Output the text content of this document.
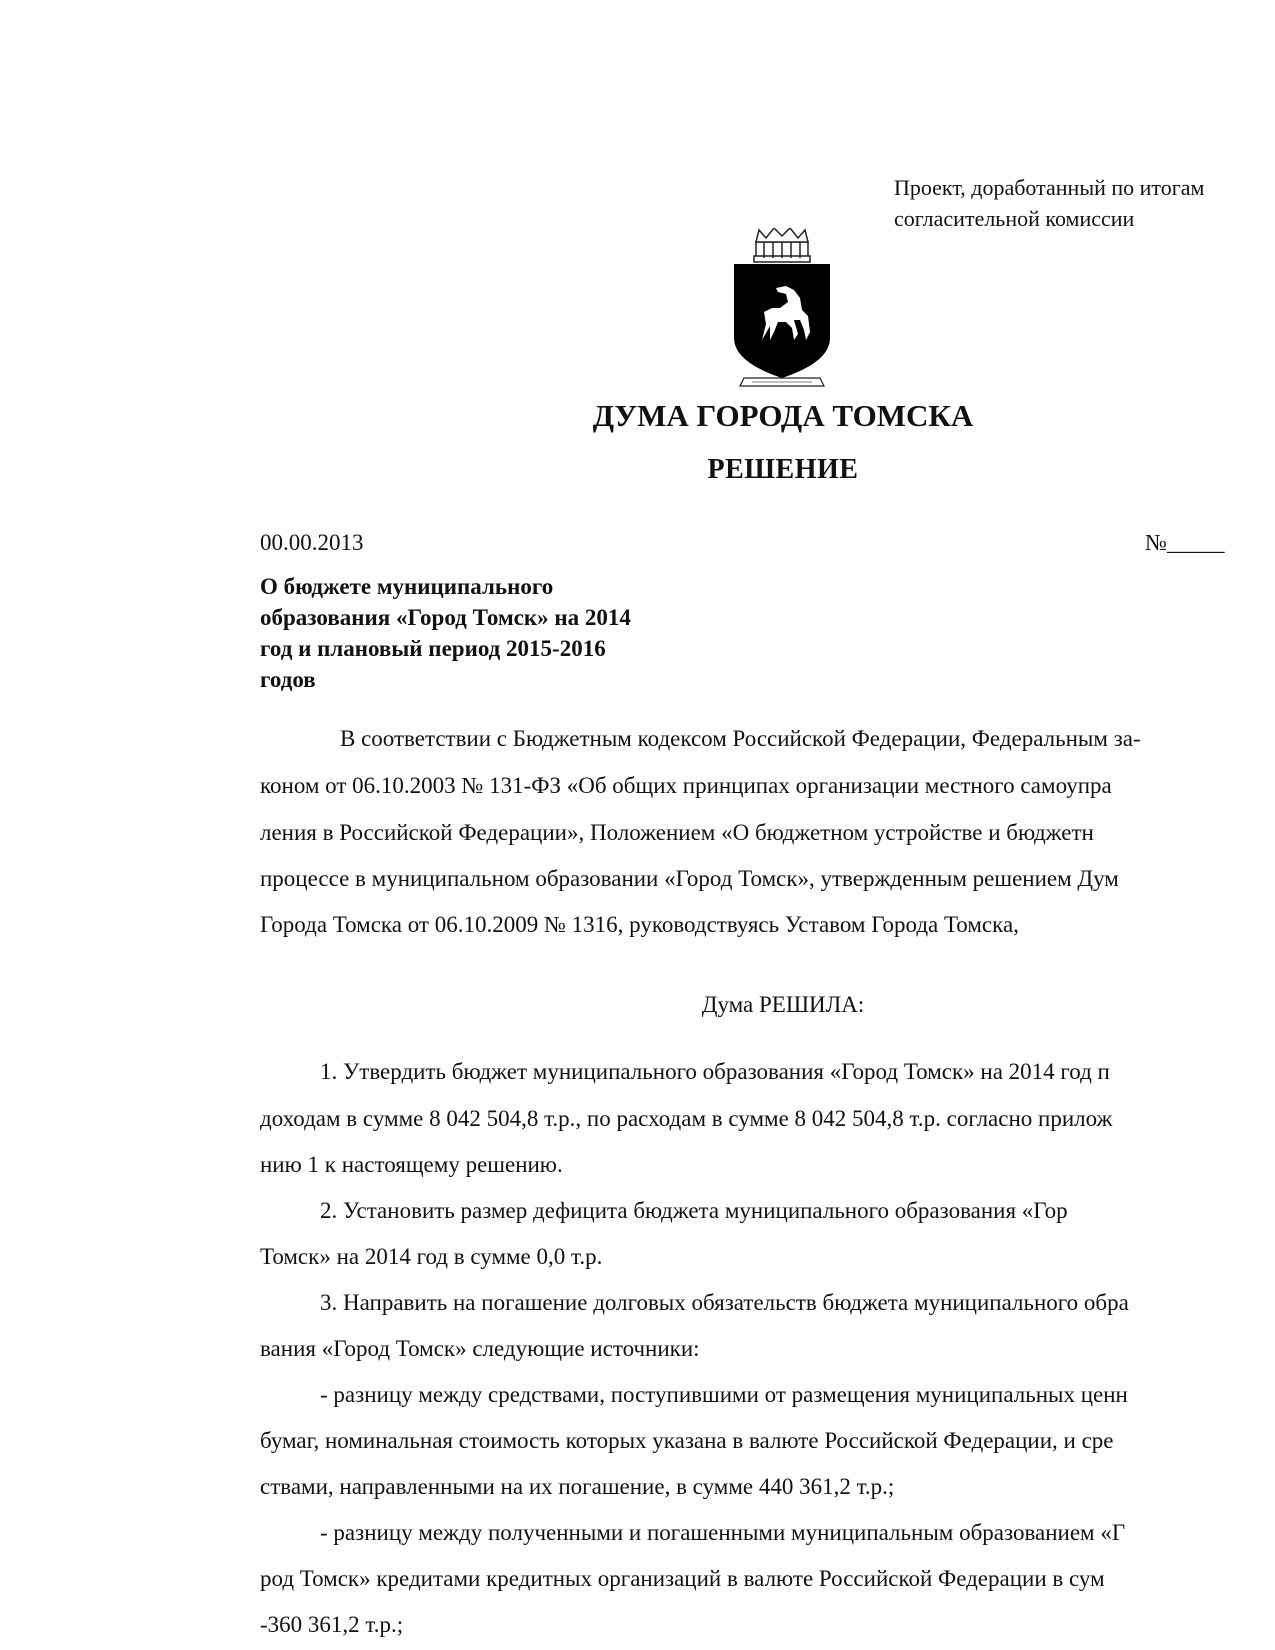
Проект, доработанный по итогам
согласительной комиссии
ДУМА ГОРОДА ТОМСКА
РЕШЕНИЕ
00.00.2013	№_____
О бюджете муниципального
образования «Город Томск» на 2014
год и плановый период 2015-2016
годов
В соответствии с Бюджетным кодексом Российской Федерации, Федеральным за-
коном от 06.10.2003 № 131-ФЗ «Об общих принципах организации местного самоупрa
ления в Российской Федерации», Положением «О бюджетном устройстве и бюджетн
процессе в муниципальном образовании «Город Томск», утвержденным решением Дум
Города Томска от 06.10.2009 № 1316, руководствуясь Уставом Города Томска,
Дума РЕШИЛА:
1. Утвердить бюджет муниципального образования «Город Томск» на 2014 год п
доходам в сумме 8 042 504,8 т.р., по расходам в сумме 8 042 504,8 т.р. согласно прилож
нию 1 к настоящему решению.
2. Установить размер дефицита бюджета муниципального образования «Гор
Томск» на 2014 год в сумме 0,0 т.р.
3. Направить на погашение долговых обязательств бюджета муниципального обра
вания «Город Томск» следующие источники:
- разницу между средствами, поступившими от размещения муниципальных ценн
бумаг, номинальная стоимость которых указана в валюте Российской Федерации, и сре
ствами, направленными на их погашение, в сумме 440 361,2 т.р.;
- разницу между полученными и погашенными муниципальным образованием «Г
род Томск» кредитами кредитных организаций в валюте Российской Федерации в сум
-360 361,2 т.р.;
